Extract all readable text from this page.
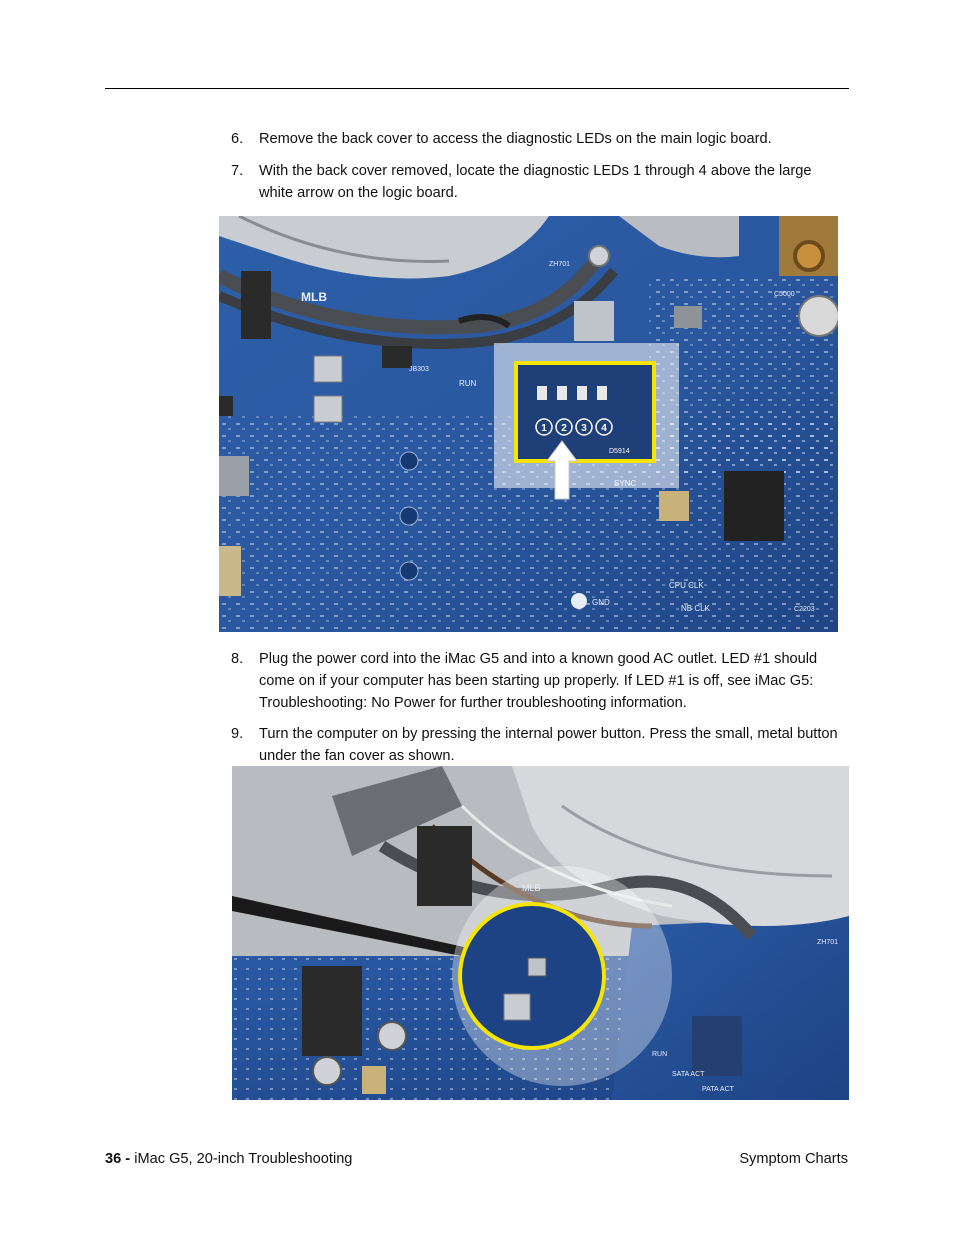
6.	Remove the back cover to access the diagnostic LEDs on the main logic board.
7.	With the back cover removed, locate the diagnostic LEDs 1 through 4 above the large white arrow on the logic board.
MLB
GND
RUN
CPU CLK
NB CLK
C5000
ZH701
JB303
C2203
1 2 3 4
D5914
8.	Plug the power cord into the iMac G5 and into a known good AC outlet. LED #1 should come on if your computer has been starting up properly. If LED #1 is off, see iMac G5: Troubleshooting: No Power for further troubleshooting information.
9.	Turn the computer on by pressing the internal power button. Press the small, metal button under the fan cover as shown.
MLB
ZH701
RUN
SATA ACT
PATA ACT
36 - iMac G5, 20-inch Troubleshooting	Symptom Charts
